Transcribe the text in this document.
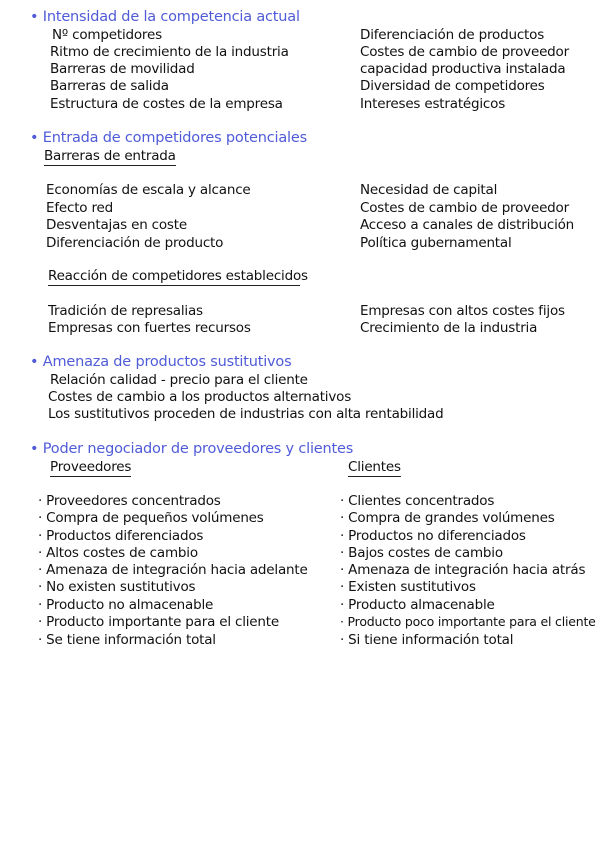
• Intensidad de la competencia actual
Nº competidores
Ritmo de crecimiento de la industria
Barreras de movilidad
Barreras de salida
Estructura de costes de la empresa
Diferenciación de productos
Costes de cambio de proveedor
capacidad productiva instalada
Diversidad de competidores
Intereses estratégicos
• Entrada de competidores potenciales
Barreras de entrada
Economías de escala y alcance
Efecto red
Desventajas en coste
Diferenciación de producto
Necesidad de capital
Costes de cambio de proveedor
Acceso a canales de distribución
Política gubernamental
Reacción de competidores establecidos
Tradición de represalias
Empresas con fuertes recursos
Empresas con altos costes fijos
Crecimiento de la industria
• Amenaza de productos sustitutivos
Relación calidad - precio para el cliente
Costes de cambio a los productos alternativos
Los sustitutivos proceden de industrias con alta rentabilidad
• Poder negociador de proveedores y clientes
Proveedores	Clientes
· Proveedores concentrados
· Compra de pequeños volúmenes
· Productos diferenciados
· Altos costes de cambio
· Amenaza de integración hacia adelante
· No existen sustitutivos
· Producto no almacenable
· Producto importante para el cliente
· Se tiene información total
· Clientes concentrados
· Compra de grandes volúmenes
· Productos no diferenciados
· Bajos costes de cambio
· Amenaza de integración hacia atrás
· Existen sustitutivos
· Producto almacenable
· Producto poco importante para el cliente
· Si tiene información total
